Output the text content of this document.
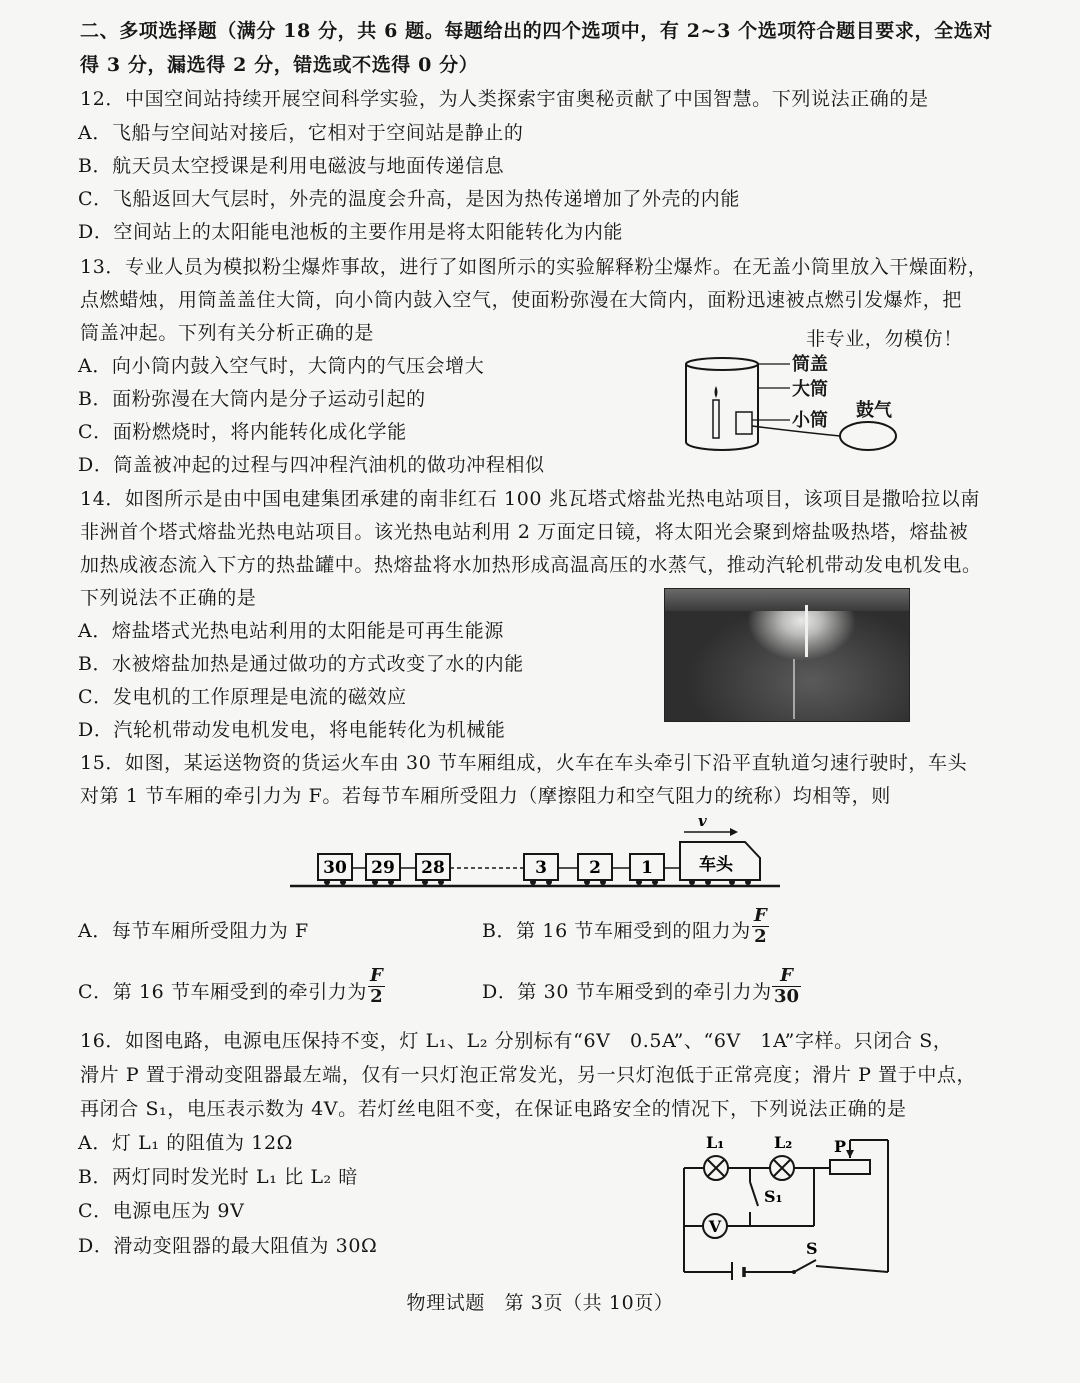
二、多项选择题（满分 18 分，共 6 题。每题给出的四个选项中，有 2~3 个选项符合题目要求，全选对
得 3 分，漏选得 2 分，错选或不选得 0 分）
12．中国空间站持续开展空间科学实验，为人类探索宇宙奥秘贡献了中国智慧。下列说法正确的是
A．飞船与空间站对接后，它相对于空间站是静止的
B．航天员太空授课是利用电磁波与地面传递信息
C．飞船返回大气层时，外壳的温度会升高，是因为热传递增加了外壳的内能
D．空间站上的太阳能电池板的主要作用是将太阳能转化为内能
13．专业人员为模拟粉尘爆炸事故，进行了如图所示的实验解释粉尘爆炸。在无盖小筒里放入干燥面粉，
点燃蜡烛，用筒盖盖住大筒，向小筒内鼓入空气，使面粉弥漫在大筒内，面粉迅速被点燃引发爆炸，把
筒盖冲起。下列有关分析正确的是	非专业，勿模仿！
A．向小筒内鼓入空气时，大筒内的气压会增大
B．面粉弥漫在大筒内是分子运动引起的
C．面粉燃烧时，将内能转化成化学能
D．筒盖被冲起的过程与四冲程汽油机的做功冲程相似
筒盖
大筒
小筒 鼓气
14．如图所示是由中国电建集团承建的南非红石 100 兆瓦塔式熔盐光热电站项目，该项目是撒哈拉以南
非洲首个塔式熔盐光热电站项目。该光热电站利用 2 万面定日镜，将太阳光会聚到熔盐吸热塔，熔盐被
加热成液态流入下方的热盐罐中。热熔盐将水加热形成高温高压的水蒸气，推动汽轮机带动发电机发电。
下列说法不正确的是
A．熔盐塔式光热电站利用的太阳能是可再生能源
B．水被熔盐加热是通过做功的方式改变了水的内能
C．发电机的工作原理是电流的磁效应
D．汽轮机带动发电机发电，将电能转化为机械能
15．如图，某运送物资的货运火车由 30 节车厢组成，火车在车头牵引下沿平直轨道匀速行驶时，车头
对第 1 节车厢的牵引力为 F。若每节车厢所受阻力（摩擦阻力和空气阻力的统称）均相等，则
30 29 28	3 2 1	车头
v
A．每节车厢所受阻力为 F	B．第 16 节车厢受到的阻力为
F
2
C．第 16 节车厢受到的牵引力为
F
2	D．第 30 节车厢受到的牵引力为
F
30
16．如图电路，电源电压保持不变，灯 L₁、L₂ 分别标有“6V　0.5A”、“6V　1A”字样。只闭合 S，
滑片 P 置于滑动变阻器最左端，仅有一只灯泡正常发光，另一只灯泡低于正常亮度；滑片 P 置于中点，
再闭合 S₁，电压表示数为 4V。若灯丝电阻不变，在保证电路安全的情况下，下列说法正确的是
A．灯 L₁ 的阻值为 12Ω
B．两灯同时发光时 L₁ 比 L₂ 暗
C．电源电压为 9V
D．滑动变阻器的最大阻值为 30Ω
V
L₁	L₂	P
S₁
S
物理试题　第 3页（共 10页）
